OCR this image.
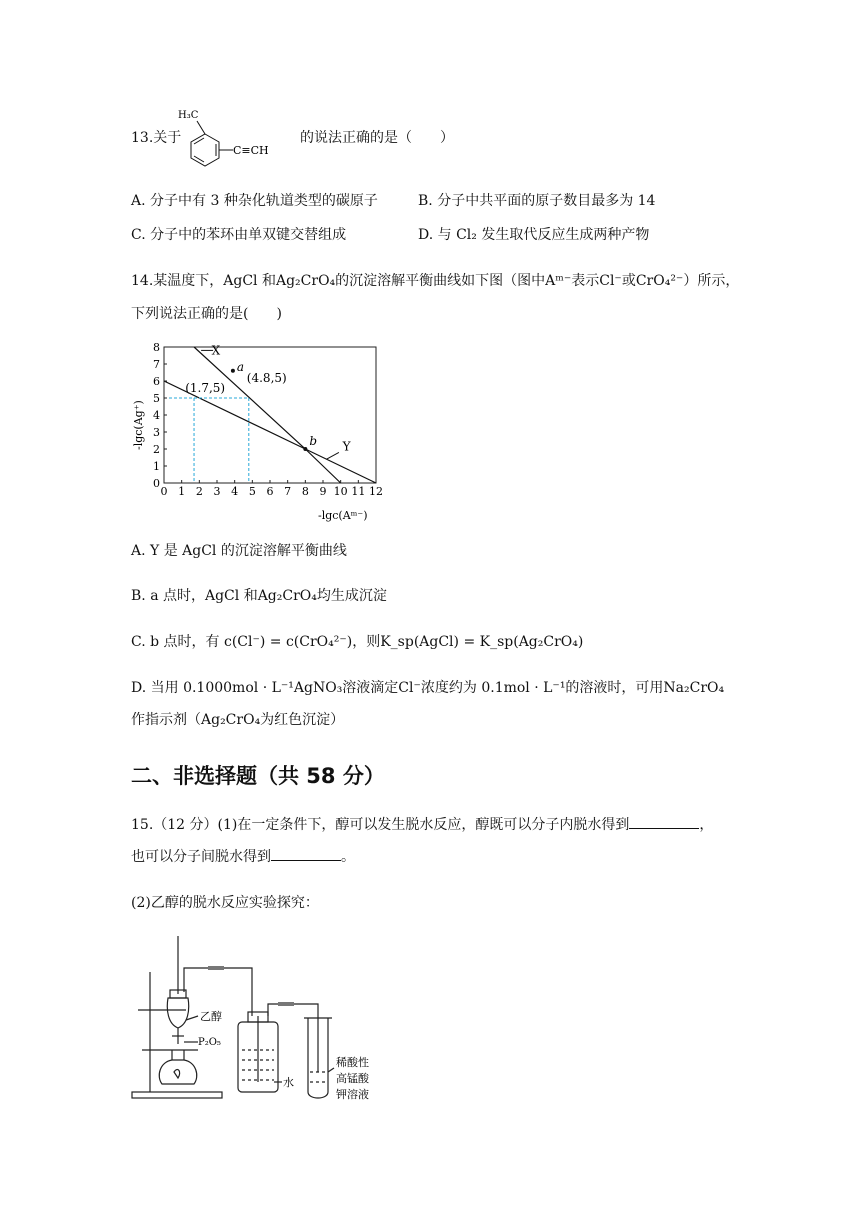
13.关于
H₃C
C≡CH
的说法正确的是（　　）
A. 分子中有 3 种杂化轨道类型的碳原子	B. 分子中共平面的原子数目最多为 14
C. 分子中的苯环由单双键交替组成	D. 与 Cl₂ 发生取代反应生成两种产物
14.某温度下，AgCl 和Ag₂CrO₄的沉淀溶解平衡曲线如下图（图中Aᵐ⁻表示Cl⁻或CrO₄²⁻）所示，
下列说法正确的是(　　)
X
Y
(1.7,5)
(4.8,5)
a
b
0 1 2 3 4 5 6 7 8 9 10 11 12
0
1
2
3
4
5
6
7
8
-lgc(Aᵐ⁻)
-lgc(Ag⁺)
A. Y 是 AgCl 的沉淀溶解平衡曲线
B. a 点时，AgCl 和Ag₂CrO₄均生成沉淀
C. b 点时，有 c(Cl⁻) = c(CrO₄²⁻)，则K_sp(AgCl) = K_sp(Ag₂CrO₄)
D. 当用 0.1000mol · L⁻¹AgNO₃溶液滴定Cl⁻浓度约为 0.1mol · L⁻¹的溶液时，可用Na₂CrO₄
作指示剂（Ag₂CrO₄为红色沉淀）
二、非选择题（共 58 分）
15.（12 分）(1)在一定条件下，醇可以发生脱水反应，醇既可以分子内脱水得到	，
也可以分子间脱水得到	。
(2)乙醇的脱水反应实验探究：
乙醇
P₂O₅
水
稀酸性
高锰酸
钾溶液
